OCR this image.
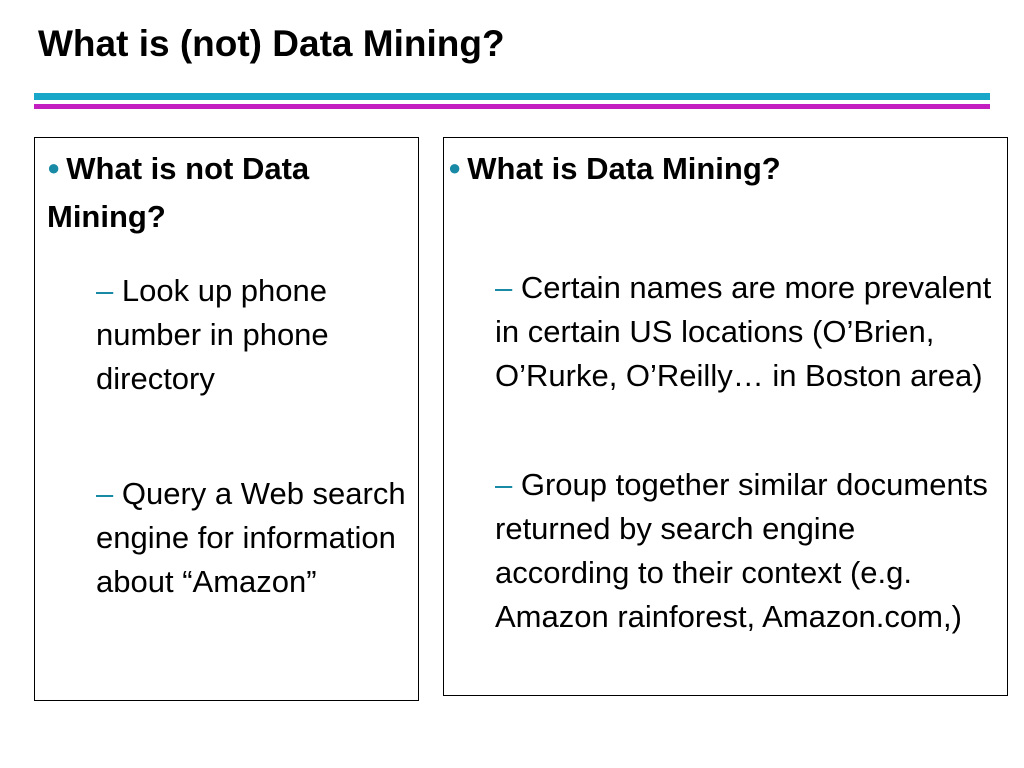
What is (not) Data Mining?
● What is not Data Mining?
– Look up phone number in phone directory
– Query a Web search engine for information about “Amazon”
● What is Data Mining?
– Certain names are more prevalent in certain US locations (O’Brien, O’Rurke, O’Reilly… in Boston area)
– Group together similar documents returned by search engine according to their context (e.g. Amazon rainforest, Amazon.com,)
